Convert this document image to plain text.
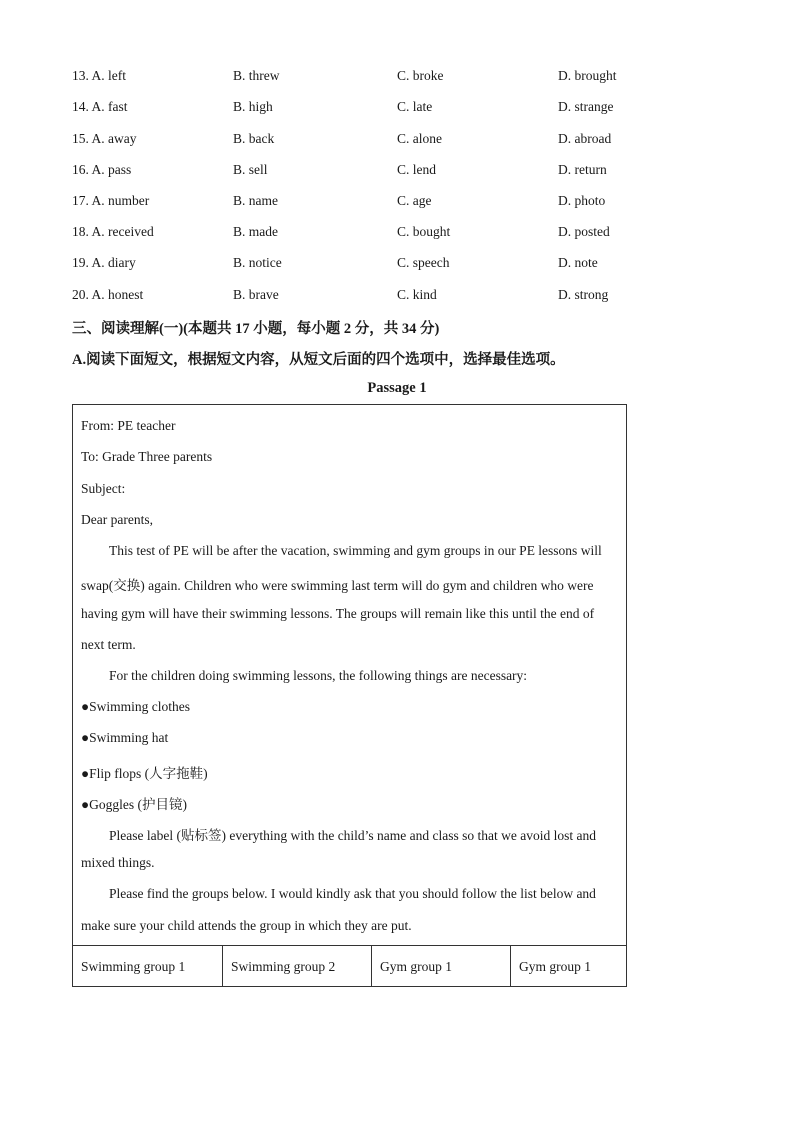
13. A. left	B. threw	C. broke	D. brought
14. A. fast	B. high	C. late	D. strange
15. A. away	B. back	C. alone	D. abroad
16. A. pass	B. sell	C. lend	D. return
17. A. number	B. name	C. age	D. photo
18. A. received	B. made	C. bought	D. posted
19. A. diary	B. notice	C. speech	D. note
20. A. honest	B. brave	C. kind	D. strong
三、阅读理解(一)(本题共 17 小题，每小题 2 分，共 34 分)
A.阅读下面短文，根据短文内容，从短文后面的四个选项中，选择最佳选项。
Passage 1
From: PE teacher
To: Grade Three parents
Subject:
Dear parents,
This test of PE will be after the vacation, swimming and gym groups in our PE lessons will
swap(交换) again. Children who were swimming last term will do gym and children who were
having gym will have their swimming lessons. The groups will remain like this until the end of
next term.
For the children doing swimming lessons, the following things are necessary:
●Swimming clothes
●Swimming hat
●Flip flops (人字拖鞋)
●Goggles (护目镜)
Please label (贴标签) everything with the child’s name and class so that we avoid lost and
mixed things.
Please find the groups below. I would kindly ask that you should follow the list below and
make sure your child attends the group in which they are put.
Swimming group 1	Swimming group 2	Gym group 1	Gym group 1
